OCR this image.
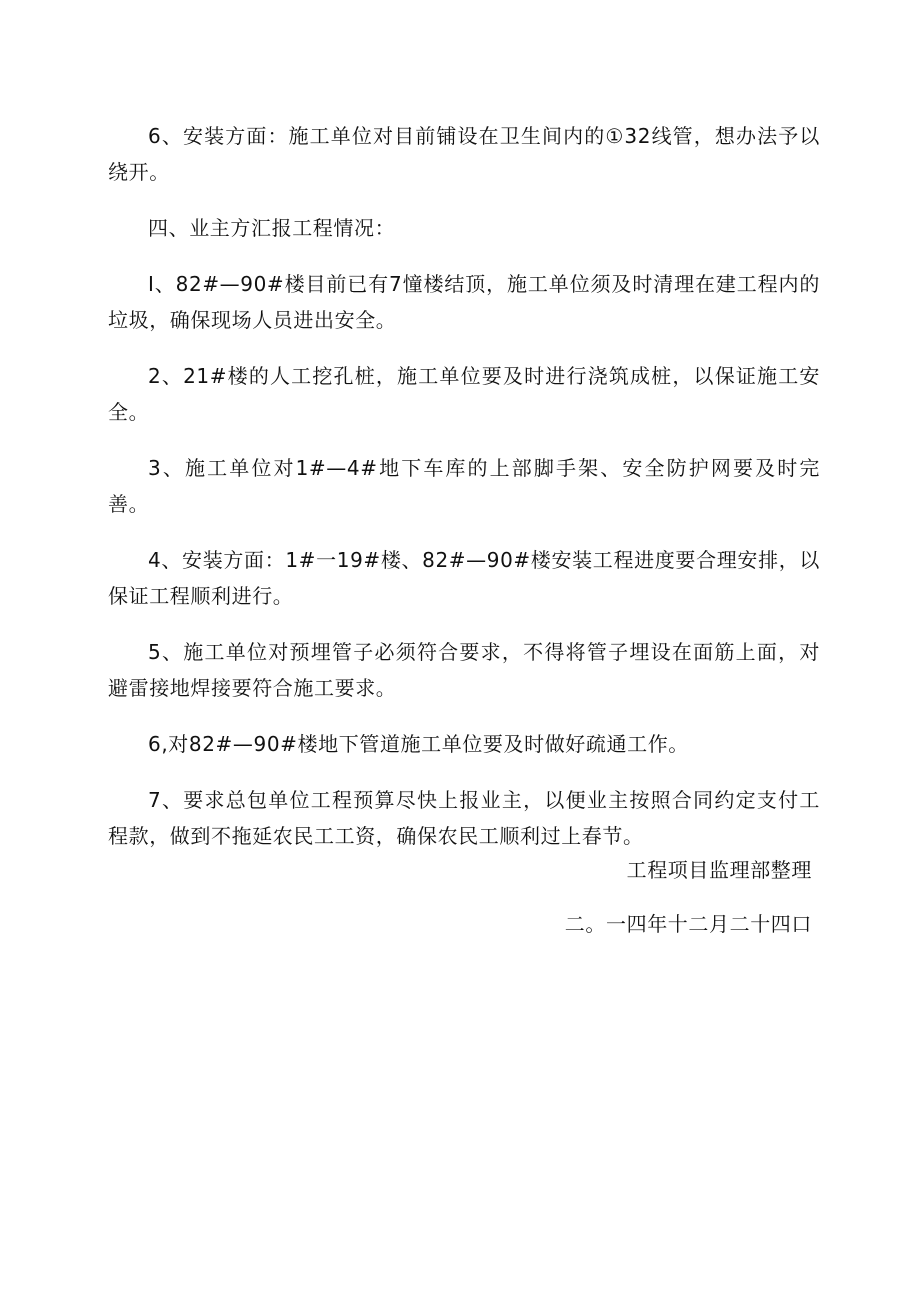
6、安装方面：施工单位对目前铺设在卫生间内的①32线管，想办法予以绕开。

四、业主方汇报工程情况：

I、82#—90#楼目前已有7憧楼结顶，施工单位须及时清理在建工程内的垃圾，确保现场人员进出安全。

2、21#楼的人工挖孔桩，施工单位要及时进行浇筑成桩，以保证施工安全。

3、施工单位对1#—4#地下车库的上部脚手架、安全防护网要及时完善。

4、安装方面：1#一19#楼、82#—90#楼安装工程进度要合理安排，以保证工程顺利进行。

5、施工单位对预埋管子必须符合要求，不得将管子埋设在面筋上面，对避雷接地焊接要符合施工要求。

6,对82#—90#楼地下管道施工单位要及时做好疏通工作。

7、要求总包单位工程预算尽快上报业主，以便业主按照合同约定支付工程款，做到不拖延农民工工资，确保农民工顺利过上春节。

工程项目监理部整理
二。一四年十二月二十四口
